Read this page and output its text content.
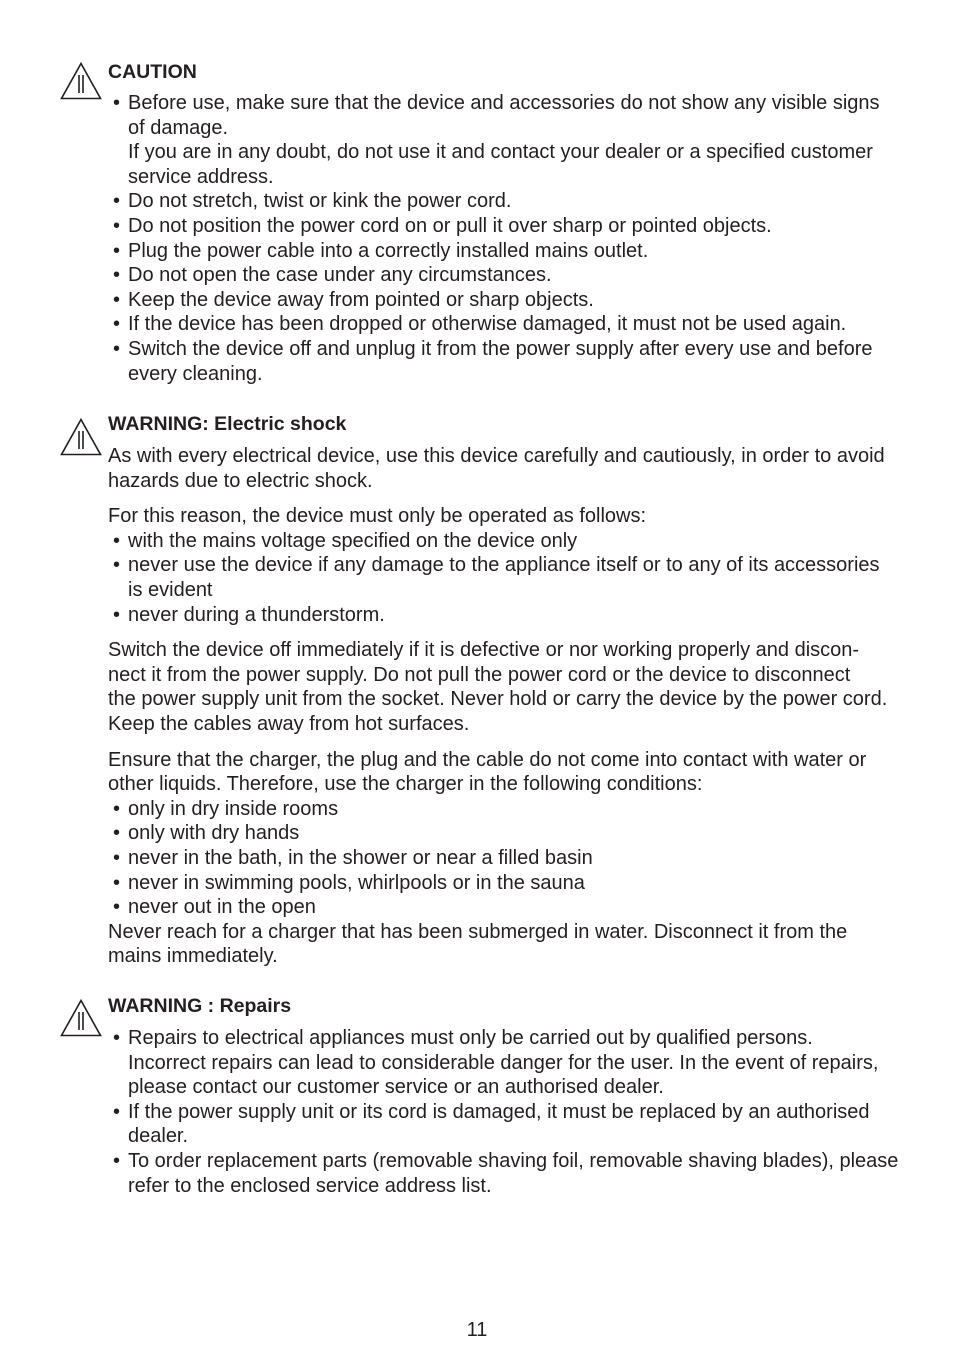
CAUTION
• Before use, make sure that the device and accessories do not show any visible signs
of damage.
If you are in any doubt, do not use it and contact your dealer or a specified customer
service address.
• Do not stretch, twist or kink the power cord.
• Do not position the power cord on or pull it over sharp or pointed objects.
• Plug the power cable into a correctly installed mains outlet.
• Do not open the case under any circumstances.
• Keep the device away from pointed or sharp objects.
• If the device has been dropped or otherwise damaged, it must not be used again.
• Switch the device off and unplug it from the power supply after every use and before
every cleaning.
WARNING: Electric shock

As with every electrical device, use this device carefully and cautiously, in order to avoid
hazards due to electric shock.

For this reason, the device must only be operated as follows:

• with the mains voltage specified on the device only
• never use the device if any damage to the appliance itself or to any of its accessories
is evident
• never during a thunderstorm.

Switch the device off immediately if it is defective or nor working properly and discon-
nect it from the power supply. Do not pull the power cord or the device to disconnect
the power supply unit from the socket. Never hold or carry the device by the power cord.
Keep the cables away from hot surfaces.

Ensure that the charger, the plug and the cable do not come into contact with water or
other liquids. Therefore, use the charger in the following conditions:

• only in dry inside rooms
• only with dry hands
• never in the bath, in the shower or near a filled basin
• never in swimming pools, whirlpools or in the sauna
• never out in the open

Never reach for a charger that has been submerged in water. Disconnect it from the
mains immediately.

WARNING : Repairs
• Repairs to electrical appliances must only be carried out by qualified persons.
Incorrect repairs can lead to considerable danger for the user. In the event of repairs,
please contact our customer service or an authorised dealer.
• If the power supply unit or its cord is damaged, it must be replaced by an authorised
dealer.
• To order replacement parts (removable shaving foil, removable shaving blades), please
refer to the enclosed service address list.
11
